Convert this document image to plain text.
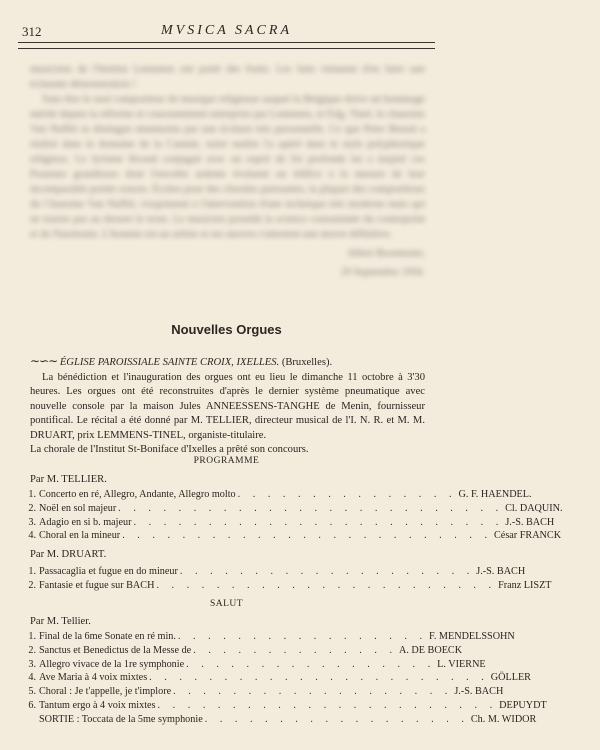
312	MVSICA SACRA
musiciens de l'Institut Lemmens ont porté des fruits. Les faits viennent d'en faire une éclatante démonstration !
Sans être le seul compositeur de musique religieuse auquel la Belgique doive un hommage mérité depuis la réforme et couronnement entreprise par Lemmens, et Edg. Tinel, le chanoine Van Nuffel se distingue néanmoins par une écriture très personnelle. Ce que Peter Benoit a réalisé dans le domaine de la Cantate, notre maître l'a opéré dans le style polyphonique religieux. Le lyrisme fécond conjugué avec un esprit de foi profonde lui a inspiré ces Psaumes grandioses dont l'envolée ardente évoluent un édifice à la mesure de leur incomparable portée sonore. Écrites pour des chorales puissantes, la plupart des compositions du Chanoine Van Nuffel, s'expriment à l'intervention d'une technique très moderne mais qui ne tourne pas au dessert le texte. Le musicien possède la science consommée du contrepoint et de l'harmonie. L'homme est un artiste et ses œuvres s'attestent une œuvre définitive.
Albert Boonmaier,
29 Septembre 1956.
Nouvelles Orgues

∼∽∼ ÉGLISE PAROISSIALE SAINTE CROIX, IXELLES. (Bruxelles).

La bénédiction et l'inauguration des orgues ont eu lieu le dimanche 11 octobre à 3'30 heures. Les orgues ont été reconstruites d'après le dernier système pneumatique avec nouvelle console par la maison Jules ANNEESSENS-TANGHE de Menin, fournisseur pontifical. Le récital a été donné par M. TELLIER, directeur musical de l'I. N. R. et M. M. DRUART, prix LEMMENS-TINEL, organiste-titulaire.

La chorale de l'Institut St-Boniface d'Ixelles a prêté son concours.

PROGRAMME
Par M. TELLIER.
1. Concerto en ré, Allegro, Andante, Allegro molto . . . . . . . . . . . . . . . G. F. HAENDEL.
2. Noël en sol majeur . . . . . . . . . . . . . . . . . . . . . . . . . . Cl. DAQUIN.
3. Adagio en si b. majeur . . . . . . . . . . . . . . . . . . . . . . . . . J.-S. BACH
4. Choral en la mineur . . . . . . . . . . . . . . . . . . . . . . . . . César FRANCK
Par M. DRUART.
1. Passacaglia et fugue en do mineur . . . . . . . . . . . . . . . . . . . . J.-S. BACH
2. Fantasie et fugue sur BACH . . . . . . . . . . . . . . . . . . . . . . . Franz LISZT
SALUT
Par M. Tellier.
1. Final de la 6me Sonate en ré min. . . . . . . . . . . . . . . . . . F. MENDELSSOHN
2. Sanctus et Benedictus de la Messe de . . . . . . . . . . . . . . A. DE BOECK
3. Allegro vivace de la 1re symphonie . . . . . . . . . . . . . . . . . L. VIERNE
4. Ave Maria à 4 voix mixtes . . . . . . . . . . . . . . . . . . . . . . . GÖLLER
5. Choral : Je t'appelle, je t'implore . . . . . . . . . . . . . . . . . . . J.-S. BACH
6. Tantum ergo à 4 voix mixtes . . . . . . . . . . . . . . . . . . . . . . . DEPUYDT
SORTIE : Toccata de la 5me symphonie . . . . . . . . . . . . . . . . . . Ch. M. WIDOR
